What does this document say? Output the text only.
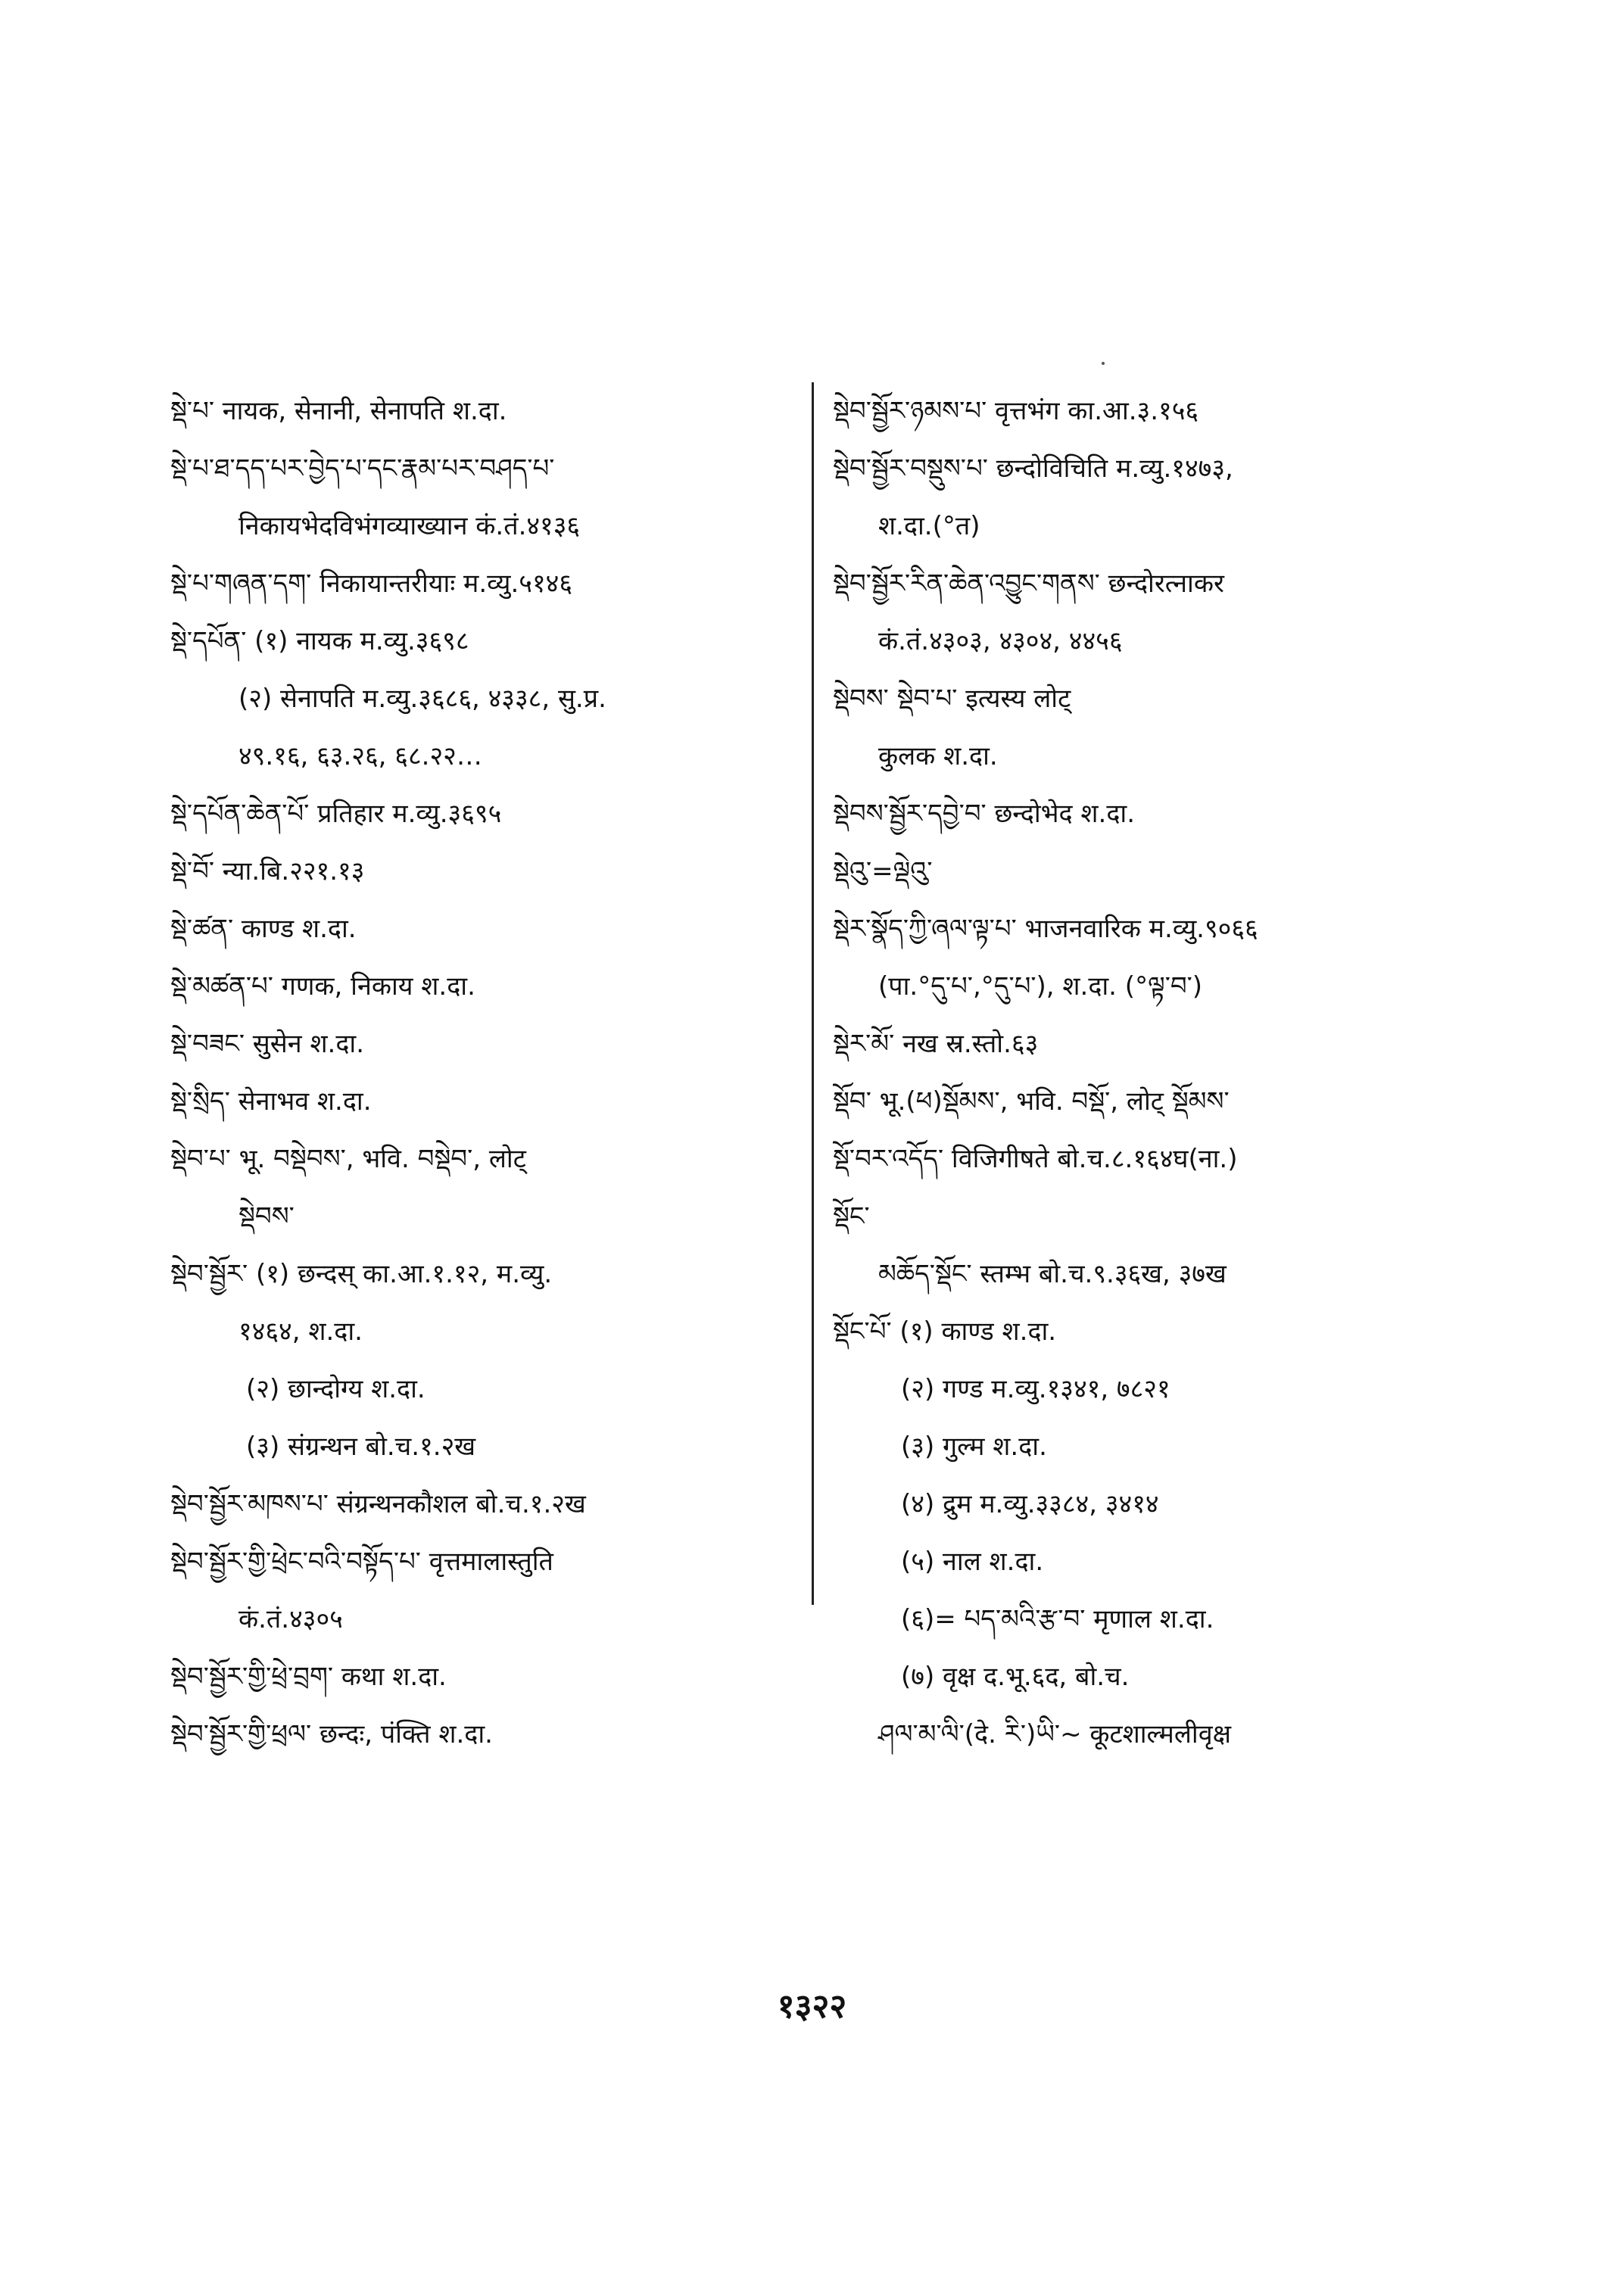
སྡེ་པ་ नायक, सेनानी, सेनापति श.दा.
སྡེ་པ་ཐ་དད་པར་བྱེད་པ་དང་རྣམ་པར་བཤད་པ་
निकायभेदविभंगव्याख्यान कं.तं.४१३६
སྡེ་པ་གཞན་དག་ निकायान्तरीयाः म.व्यु.५१४६
སྡེ་དཔོན་ (१) नायक म.व्यु.३६९८
(२) सेनापति म.व्यु.३६८६, ४३३८, सु.प्र.
४९.१६, ६३.२६, ६८.२२…
སྡེ་དཔོན་ཆེན་པོ་ प्रतिहार म.व्यु.३६९५
སྡེ་བོ་ न्या.बि.२२१.१३
སྡེ་ཚན་ काण्ड श.दा.
སྡེ་མཚན་པ་ गणक, निकाय श.दा.
སྡེ་བཟང་ सुसेन श.दा.
སྡེ་སྲིད་ सेनाभव श.दा.
སྡེབ་པ་ भू. བསྡེབས་, भवि. བསྡེབ་, लोट्
སྡེབས་
སྡེབ་སྦྱོར་ (१) छन्दस् का.आ.१.१२, म.व्यु.
१४६४, श.दा.
(२) छान्दोग्य श.दा.
(३) संग्रन्थन बो.च.१.२ख
སྡེབ་སྦྱོར་མཁས་པ་ संग्रन्थनकौशल बो.च.१.२ख
སྡེབ་སྦྱོར་གྱི་ཕྲེང་བའི་བསྟོད་པ་ वृत्तमालास्तुति
कं.तं.४३०५
སྡེབ་སྦྱོར་གྱི་ཕྲེ་བྲག་ कथा श.दा.
སྡེབ་སྦྱོར་གྱི་ཕྲལ་ छन्दः, पंक्ति श.दा.
སྡེབ་སྦྱོར་ཉམས་པ་ वृत्तभंग का.आ.३.१५६
སྡེབ་སྦྱོར་བསྡུས་པ་ छन्दोविचिति म.व्यु.१४७३,
श.दा.(°त)
སྡེབ་སྦྱོར་རིན་ཆེན་འབྱུང་གནས་ छन्दोरत्नाकर
कं.तं.४३०३, ४३०४, ४४५६
སྡེབས་ སྡེབ་པ་ इत्यस्य लोट्
कुलक श.दा.
སྡེབས་སྦྱོར་དབྱེ་བ་ छन्दोभेद श.दा.
སྡེའུ་=ལྡེའུ་
སྡེར་སྣོད་ཀྱི་ཞལ་ལྟ་པ་ भाजनवारिक म.व्यु.९०६६
(पा.°དུ་པ་,°དུ་པ་), श.दा. (°ལྟ་བ་)
སྡེར་མོ་ नख स्र.स्तो.६३
སྡོབ་ भू.(ཕ)སྡོམས་, भवि. བསྡོ་, लोट् སྡོམས་
སྡོ་བར་འདོད་ विजिगीषते बो.च.८.१६४घ(ना.)
སྡོང་
མཆོད་སྡོང་ स्तम्भ बो.च.९.३६ख, ३७ख
སྡོང་པོ་ (१) काण्ड श.दा.
(२) गण्ड म.व्यु.१३४१, ७८२१
(३) गुल्म श.दा.
(४) द्रुम म.व्यु.३३८४, ३४१४
(५) नाल श.दा.
(६)= པད་མའི་རྩ་བ་ मृणाल श.दा.
(७) वृक्ष द.भू.६द, बो.च.
ཤལ་མ་ལི་(दे. རི་)ཡི་~ कूटशाल्मलीवृक्ष
१३२२
